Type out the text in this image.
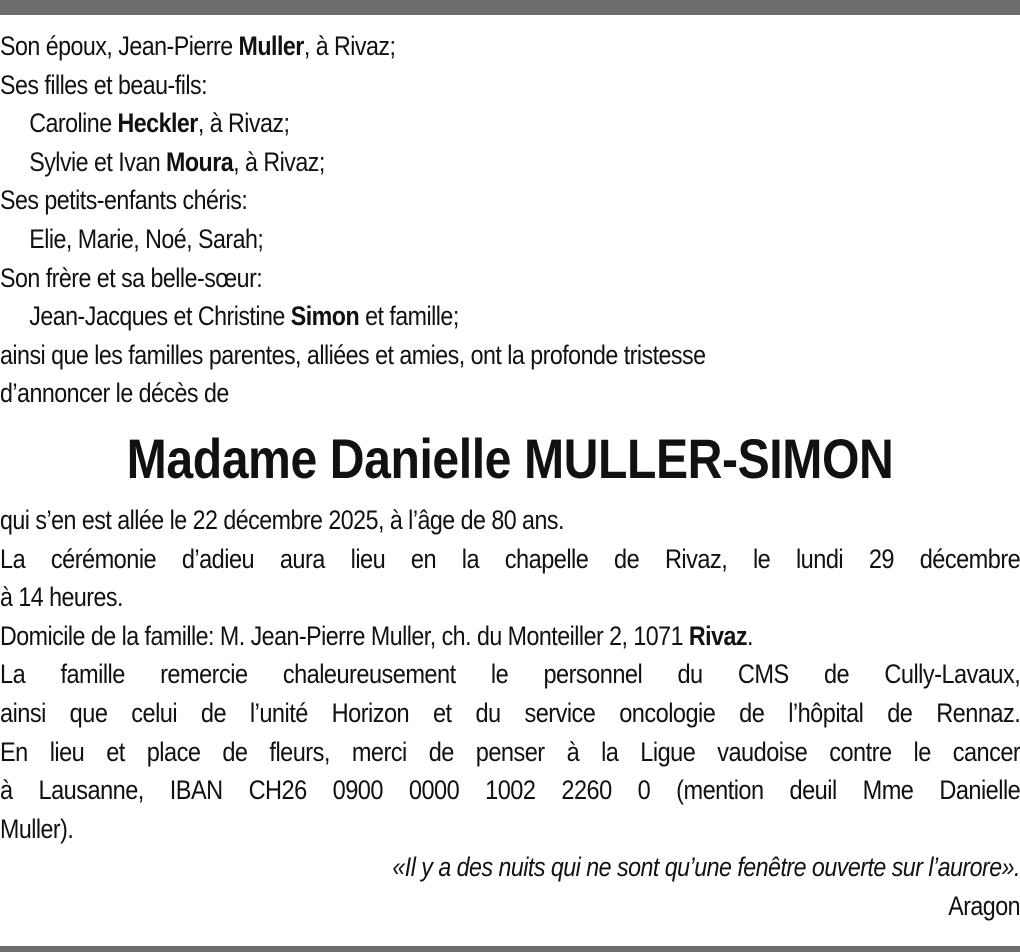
Son époux, Jean-Pierre Muller, à Rivaz;
Ses filles et beau-fils:
Caroline Heckler, à Rivaz;
Sylvie et Ivan Moura, à Rivaz;
Ses petits-enfants chéris:
Elie, Marie, Noé, Sarah;
Son frère et sa belle-sœur:
Jean-Jacques et Christine Simon et famille;
ainsi que les familles parentes, alliées et amies, ont la profonde tristesse
d’annoncer le décès de
Madame Danielle MULLER-SIMON
qui s’en est allée le 22 décembre 2025, à l’âge de 80 ans.
La cérémonie d’adieu aura lieu en la chapelle de Rivaz, le lundi 29 décembre
à 14 heures.
Domicile de la famille: M. Jean-Pierre Muller, ch. du Monteiller 2, 1071 Rivaz.
La famille remercie chaleureusement le personnel du CMS de Cully-Lavaux,
ainsi que celui de l’unité Horizon et du service oncologie de l’hôpital de Rennaz.
En lieu et place de fleurs, merci de penser à la Ligue vaudoise contre le cancer
à Lausanne, IBAN CH26 0900 0000 1002 2260 0 (mention deuil Mme Danielle
Muller).
«Il y a des nuits qui ne sont qu’une fenêtre ouverte sur l’aurore».
Aragon
